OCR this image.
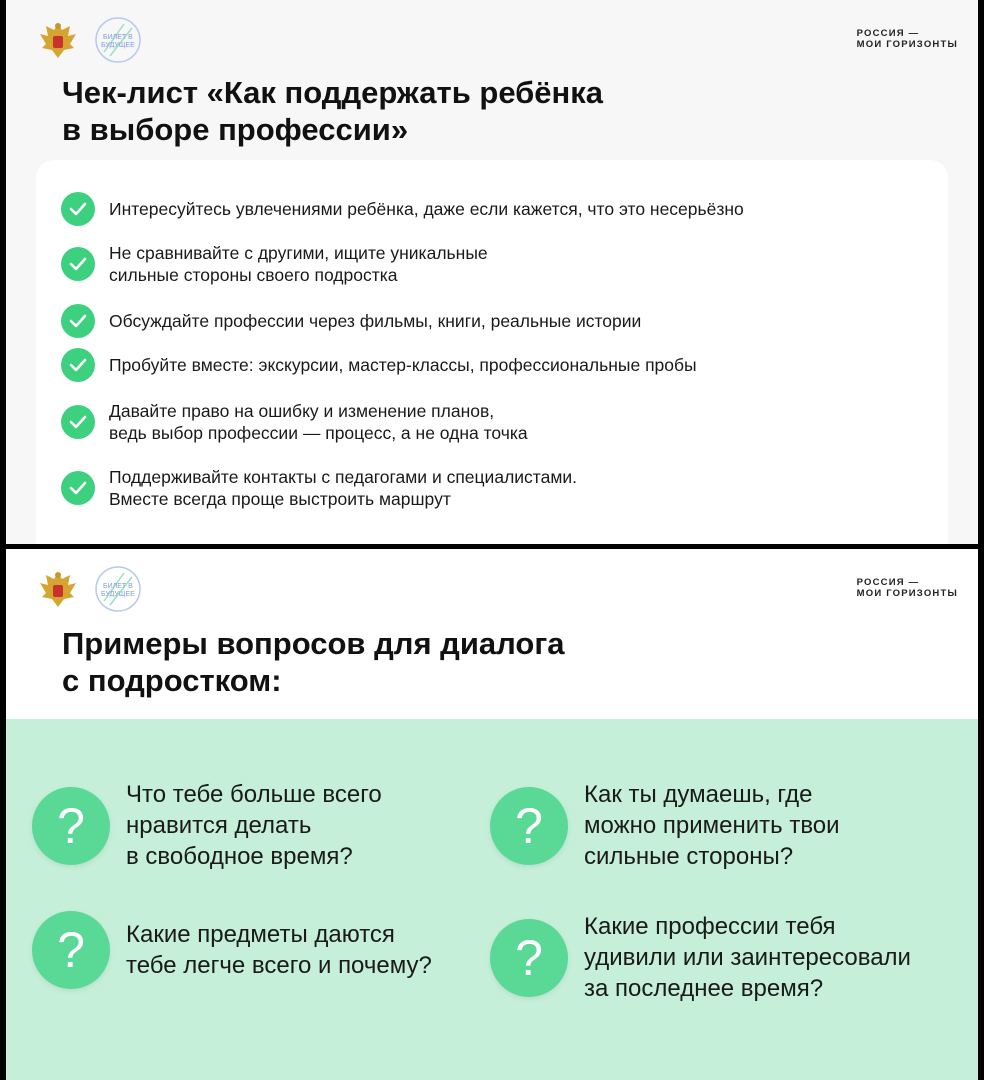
БИЛЕТ В
БУДУЩЕЕ
РОССИЯ —
МОИ ГОРИЗОНТЫ
Чек-лист «Как поддержать ребёнка
в выборе профессии»
Интересуйтесь увлечениями ребёнка, даже если кажется, что это несерьёзно
Не сравнивайте с другими, ищите уникальные
сильные стороны своего подростка
Обсуждайте профессии через фильмы, книги, реальные истории
Пробуйте вместе: экскурсии, мастер-классы, профессиональные пробы
Давайте право на ошибку и изменение планов,
ведь выбор профессии — процесс, а не одна точка
Поддерживайте контакты с педагогами и специалистами.
Вместе всегда проще выстроить маршрут
БИЛЕТ В
БУДУЩЕЕ
РОССИЯ —
МОИ ГОРИЗОНТЫ
Примеры вопросов для диалога
с подростком:
?
Что тебе больше всего
нравится делать
в свободное время?
?
Как ты думаешь, где
можно применить твои
сильные стороны?
?	Какие предметы даются
тебе легче всего и почему?	?
Какие профессии тебя
удивили или заинтересовали
за последнее время?
